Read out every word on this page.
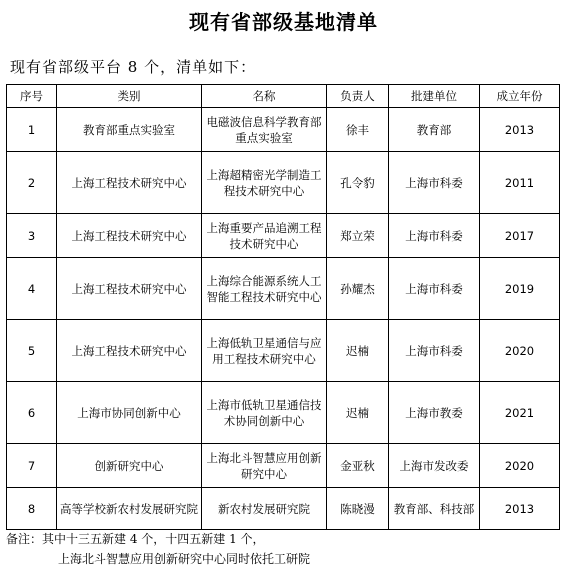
现有省部级基地清单
现有省部级平台 8 个，清单如下：
序号	类别	名称	负责人	批建单位	成立年份
1	教育部重点实验室	电磁波信息科学教育部重点实验室	徐丰	教育部	2013
2	上海工程技术研究中心	上海超精密光学制造工程技术研究中心	孔令豹	上海市科委	2011
3	上海工程技术研究中心	上海重要产品追溯工程技术研究中心	郑立荣	上海市科委	2017
4	上海工程技术研究中心	上海综合能源系统人工智能工程技术研究中心	孙耀杰	上海市科委	2019
5	上海工程技术研究中心	上海低轨卫星通信与应用工程技术研究中心	迟楠	上海市科委	2020
6	上海市协同创新中心	上海市低轨卫星通信技术协同创新中心	迟楠	上海市教委	2021
7	创新研究中心	上海北斗智慧应用创新研究中心	金亚秋	上海市发改委	2020
8	高等学校新农村发展研究院	新农村发展研究院	陈晓漫	教育部、科技部	2013
备注：其中十三五新建 4 个，十四五新建 1 个，
上海北斗智慧应用创新研究中心同时依托工研院
